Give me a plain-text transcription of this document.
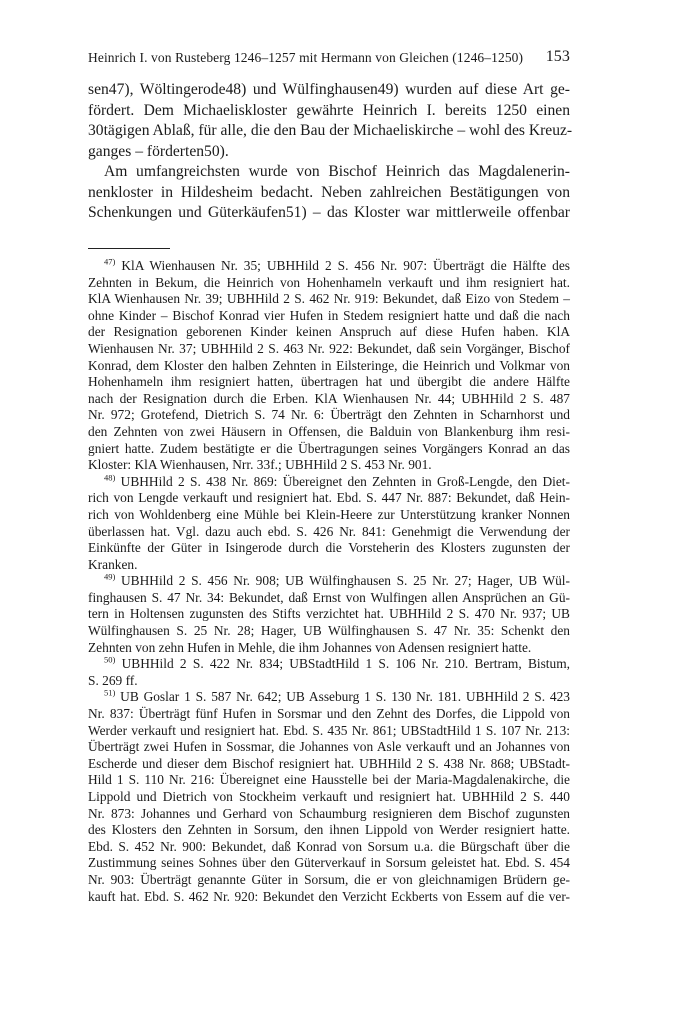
Heinrich I. von Rusteberg 1246–1257 mit Hermann von Gleichen (1246–1250) 153
sen47), Wöltingerode48) und Wülfinghausen49) wurden auf diese Art ge-
fördert. Dem Michaeliskloster gewährte Heinrich I. bereits 1250 einen
30tägigen Ablaß, für alle, die den Bau der Michaeliskirche – wohl des Kreuz-
ganges – förderten50).
Am umfangreichsten wurde von Bischof Heinrich das Magdalenerin-
nenkloster in Hildesheim bedacht. Neben zahlreichen Bestätigungen von
Schenkungen und Güterkäufen51) – das Kloster war mittlerweile offenbar
$^{47)}$ KlA Wienhausen Nr. 35; UBHHild 2 S. 456 Nr. 907: Überträgt die Hälfte des
Zehnten in Bekum, die Heinrich von Hohenhameln verkauft und ihm resigniert hat.
KlA Wienhausen Nr. 39; UBHHild 2 S. 462 Nr. 919: Bekundet, daß Eizo von Stedem –
ohne Kinder – Bischof Konrad vier Hufen in Stedem resigniert hatte und daß die nach
der Resignation geborenen Kinder keinen Anspruch auf diese Hufen haben. KlA
Wienhausen Nr. 37; UBHHild 2 S. 463 Nr. 922: Bekundet, daß sein Vorgänger, Bischof
Konrad, dem Kloster den halben Zehnten in Eilsteringe, die Heinrich und Volkmar von
Hohenhameln ihm resigniert hatten, übertragen hat und übergibt die andere Hälfte
nach der Resignation durch die Erben. KlA Wienhausen Nr. 44; UBHHild 2 S. 487
Nr. 972; Grotefend, Dietrich S. 74 Nr. 6: Überträgt den Zehnten in Scharnhorst und
den Zehnten von zwei Häusern in Offensen, die Balduin von Blankenburg ihm resi-
gniert hatte. Zudem bestätigte er die Übertragungen seines Vorgängers Konrad an das
Kloster: KlA Wienhausen, Nrr. 33f.; UBHHild 2 S. 453 Nr. 901.
$^{48)}$ UBHHild 2 S. 438 Nr. 869: Übereignet den Zehnten in Groß-Lengde, den Diet-
rich von Lengde verkauft und resigniert hat. Ebd. S. 447 Nr. 887: Bekundet, daß Hein-
rich von Wohldenberg eine Mühle bei Klein-Heere zur Unterstützung kranker Nonnen
überlassen hat. Vgl. dazu auch ebd. S. 426 Nr. 841: Genehmigt die Verwendung der
Einkünfte der Güter in Isingerode durch die Vorsteherin des Klosters zugunsten der
Kranken.
$^{49)}$ UBHHild 2 S. 456 Nr. 908; UB Wülfinghausen S. 25 Nr. 27; Hager, UB Wül-
finghausen S. 47 Nr. 34: Bekundet, daß Ernst von Wulfingen allen Ansprüchen an Gü-
tern in Holtensen zugunsten des Stifts verzichtet hat. UBHHild 2 S. 470 Nr. 937; UB
Wülfinghausen S. 25 Nr. 28; Hager, UB Wülfinghausen S. 47 Nr. 35: Schenkt den
Zehnten von zehn Hufen in Mehle, die ihm Johannes von Adensen resigniert hatte.
$^{50)}$ UBHHild 2 S. 422 Nr. 834; UBStadtHild 1 S. 106 Nr. 210. Bertram, Bistum,
S. 269 ff.
$^{51)}$ UB Goslar 1 S. 587 Nr. 642; UB Asseburg 1 S. 130 Nr. 181. UBHHild 2 S. 423
Nr. 837: Überträgt fünf Hufen in Sorsmar und den Zehnt des Dorfes, die Lippold von
Werder verkauft und resigniert hat. Ebd. S. 435 Nr. 861; UBStadtHild 1 S. 107 Nr. 213:
Überträgt zwei Hufen in Sossmar, die Johannes von Asle verkauft und an Johannes von
Escherde und dieser dem Bischof resigniert hat. UBHHild 2 S. 438 Nr. 868; UBStadt-
Hild 1 S. 110 Nr. 216: Übereignet eine Hausstelle bei der Maria-Magdalenakirche, die
Lippold und Dietrich von Stockheim verkauft und resigniert hat. UBHHild 2 S. 440
Nr. 873: Johannes und Gerhard von Schaumburg resignieren dem Bischof zugunsten
des Klosters den Zehnten in Sorsum, den ihnen Lippold von Werder resigniert hatte.
Ebd. S. 452 Nr. 900: Bekundet, daß Konrad von Sorsum u.a. die Bürgschaft über die
Zustimmung seines Sohnes über den Güterverkauf in Sorsum geleistet hat. Ebd. S. 454
Nr. 903: Überträgt genannte Güter in Sorsum, die er von gleichnamigen Brüdern ge-
kauft hat. Ebd. S. 462 Nr. 920: Bekundet den Verzicht Eckberts von Essem auf die ver-
